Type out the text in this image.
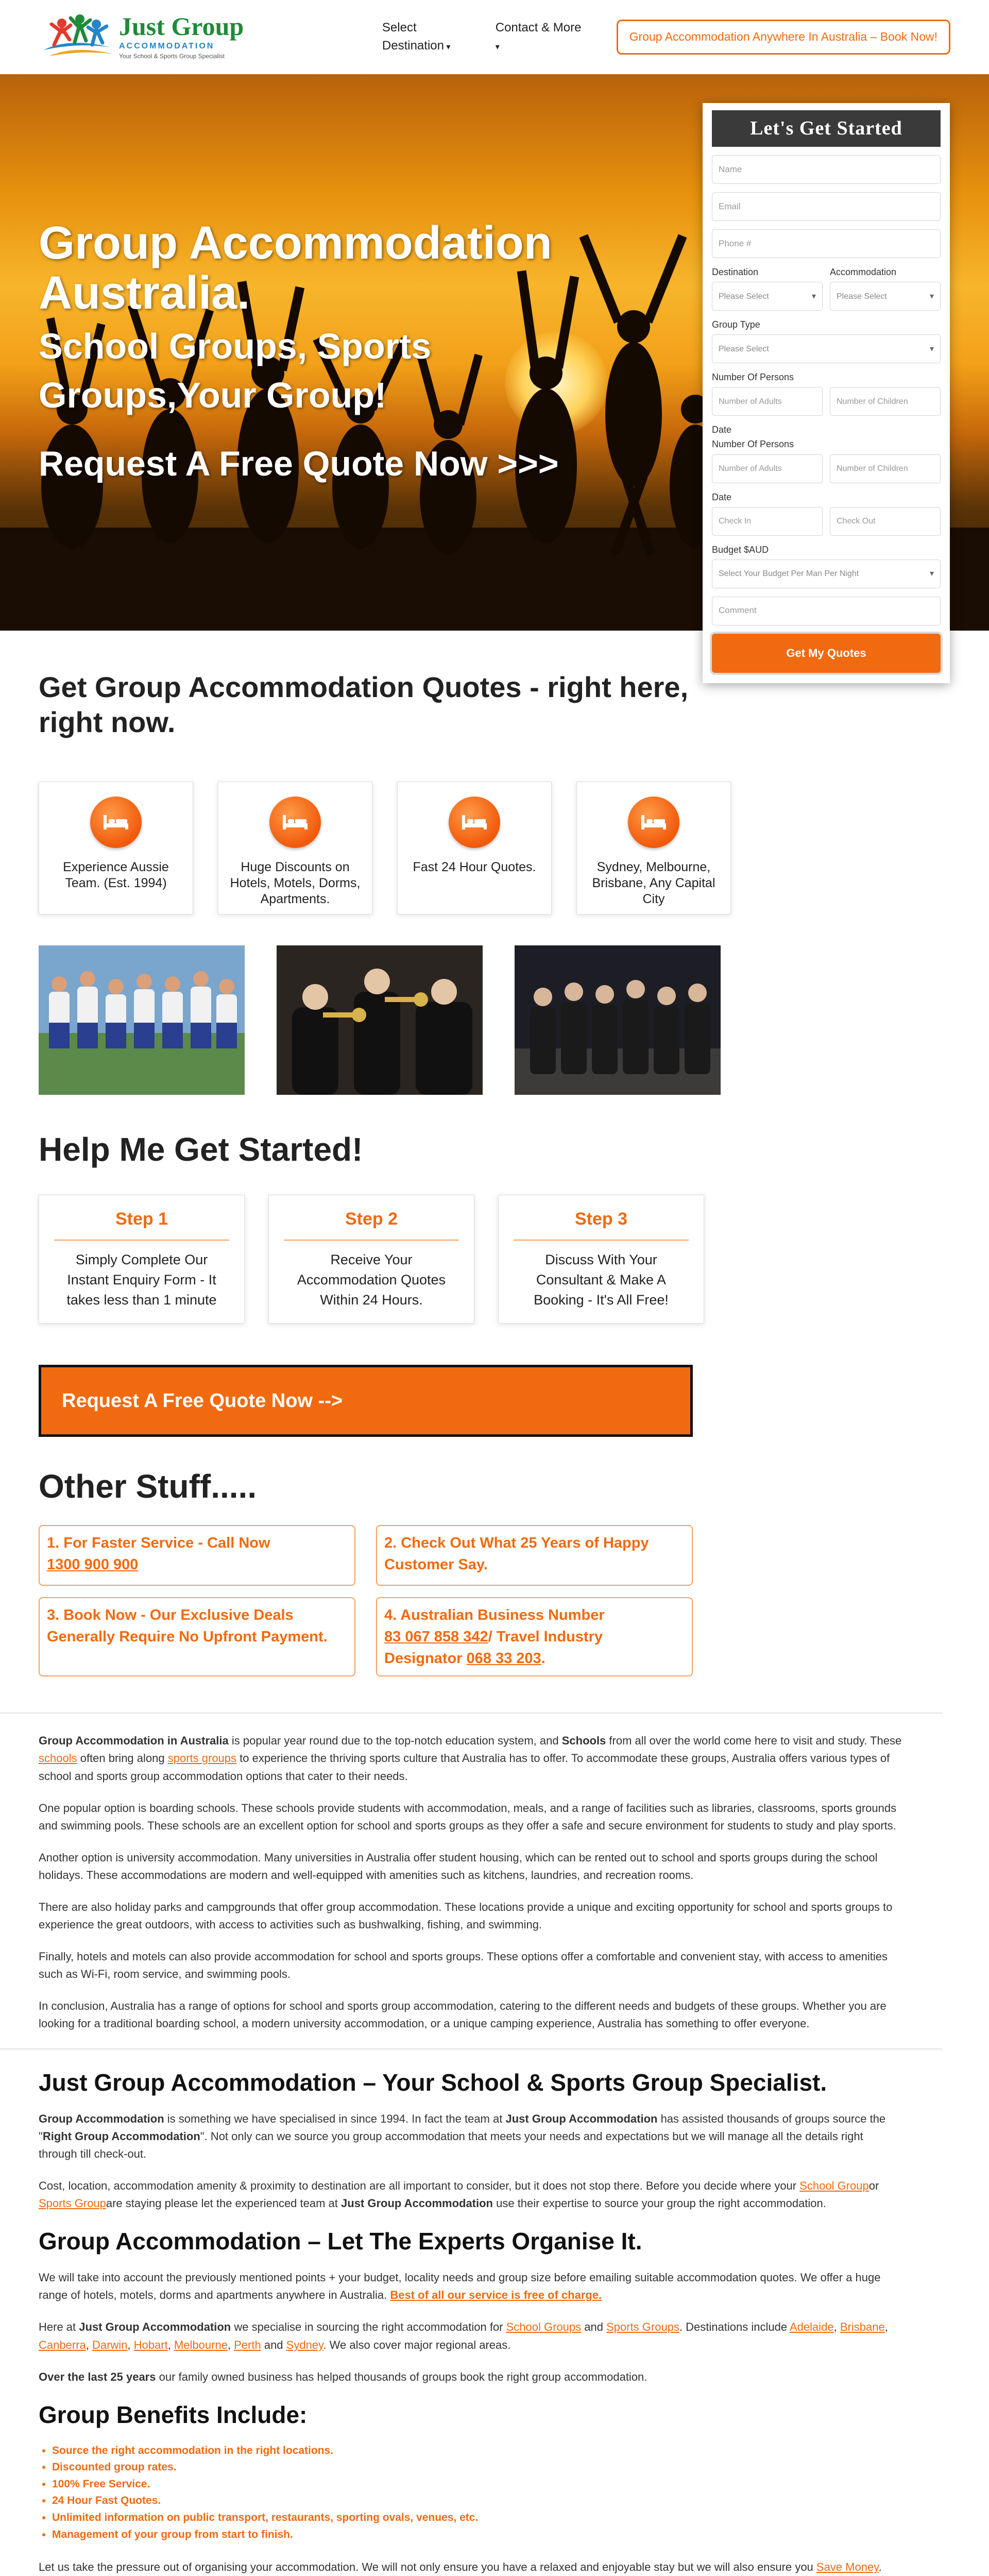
Just Group
ACCOMMODATION
Your School & Sports Group Specialist
Select Destination ▾
Contact & More ▾
Group Accommodation Anywhere In Australia – Book Now!
Group Accommodation
Australia.
School Groups, Sports
Groups,Your Group!
Request A Free Quote Now >>>
Let's Get Started
Name
Email
Phone #
Destination
Please Select
▾
Accommodation
Please Select
▾
Group Type
Please Select
▾
Number Of Persons
Number of Adults	Number of Children
Date
Number Of Persons
Number of Adults	Number of Children
Date
Check In	Check Out
Budget $AUD
Select Your Budget Per Man Per Night
▾
Comment
Get My Quotes
Get Group Accommodation Quotes - right here, right now.
Experience Aussie Team. (Est. 1994)
Huge Discounts on Hotels, Motels, Dorms, Apartments.
Fast 24 Hour Quotes.	Sydney, Melbourne, Brisbane, Any Capital City
Help Me Get Started!
Step 1
Simply Complete Our Instant Enquiry Form - It takes less than 1 minute
Step 2
Receive Your Accommodation Quotes Within 24 Hours.
Step 3
Discuss With Your Consultant & Make A Booking - It's All Free!
Request A Free Quote Now -->
Other Stuff.....
1. For Faster Service - Call Now
1300 900 900
2. Check Out What 25 Years of Happy Customer Say.
3. Book Now - Our Exclusive Deals Generally Require No Upfront Payment.
4. Australian Business Number
83 067 858 342/ Travel Industry Designator 068 33 203.

Group Accommodation in Australia is popular year round due to the top-notch education system, and Schools from all over the world come here to visit and study. These schools often bring along sports groups to experience the thriving sports culture that Australia has to offer. To accommodate these groups, Australia offers various types of school and sports group accommodation options that cater to their needs.

One popular option is boarding schools. These schools provide students with accommodation, meals, and a range of facilities such as libraries, classrooms, sports grounds and swimming pools. These schools are an excellent option for school and sports groups as they offer a safe and secure environment for students to study and play sports.

Another option is university accommodation. Many universities in Australia offer student housing, which can be rented out to school and sports groups during the school holidays. These accommodations are modern and well-equipped with amenities such as kitchens, laundries, and recreation rooms.

There are also holiday parks and campgrounds that offer group accommodation. These locations provide a unique and exciting opportunity for school and sports groups to experience the great outdoors, with access to activities such as bushwalking, fishing, and swimming.

Finally, hotels and motels can also provide accommodation for school and sports groups. These options offer a comfortable and convenient stay, with access to amenities such as Wi-Fi, room service, and swimming pools.

In conclusion, Australia has a range of options for school and sports group accommodation, catering to the different needs and budgets of these groups. Whether you are looking for a traditional boarding school, a modern university accommodation, or a unique camping experience, Australia has something to offer everyone.

Just Group Accommodation – Your School & Sports Group Specialist.

Group Accommodation is something we have specialised in since 1994. In fact the team at Just Group Accommodation has assisted thousands of groups source the "Right Group Accommodation". Not only can we source you group accommodation that meets your needs and expectations but we will manage all the details right through till check-out.

Cost, location, accommodation amenity & proximity to destination are all important to consider, but it does not stop there. Before you decide where your School Groupor Sports Groupare staying please let the experienced team at Just Group Accommodation use their expertise to source your group the right accommodation.

Group Accommodation – Let The Experts Organise It.

We will take into account the previously mentioned points + your budget, locality needs and group size before emailing suitable accommodation quotes. We offer a huge range of hotels, motels, dorms and apartments anywhere in Australia. Best of all our service is free of charge.

Here at Just Group Accommodation we specialise in sourcing the right accommodation for School Groups and Sports Groups. Destinations include Adelaide, Brisbane, Canberra, Darwin, Hobart, Melbourne, Perth and Sydney. We also cover major regional areas.

Over the last 25 years our family owned business has helped thousands of groups book the right group accommodation.

Group Benefits Include:
• Source the right accommodation in the right locations.
• Discounted group rates.
• 100% Free Service.
• 24 Hour Fast Quotes.
• Unlimited information on public transport, restaurants, sporting ovals, venues, etc.
• Management of your group from start to finish.

Let us take the pressure out of organising your accommodation. We will not only ensure you have a relaxed and enjoyable stay but we will also ensure you Save Money.
